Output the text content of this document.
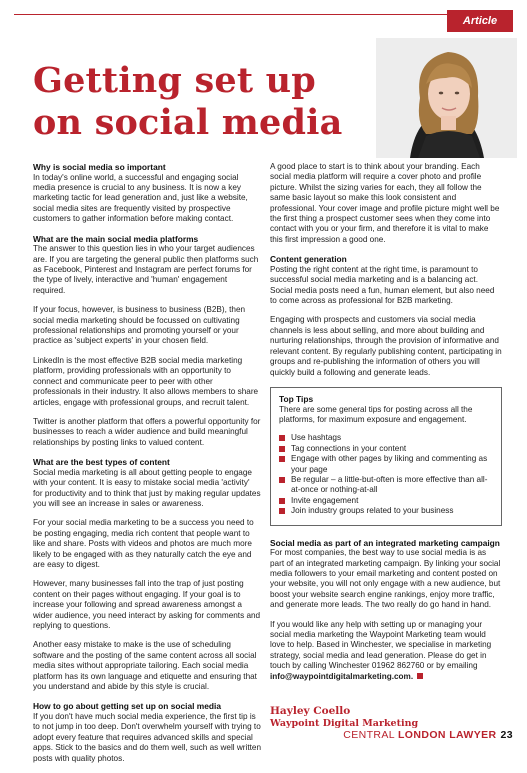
Article
Getting set up on social media
Why is social media so important

In today's online world, a successful and engaging social media presence is crucial to any business. It is now a key marketing tactic for lead generation and, just like a website, social media sites are frequently visited by prospective customers to gather information before making contact.

What are the main social media platforms

The answer to this question lies in who your target audiences are. If you are targeting the general public then platforms such as Facebook, Pinterest and Instagram are perfect forums for the type of lively, interactive and 'human' engagement required.

If your focus, however, is business to business (B2B), then social media marketing should be focussed on cultivating professional relationships and promoting yourself or your practice as 'subject experts' in your chosen field.

LinkedIn is the most effective B2B social media marketing platform, providing professionals with an opportunity to connect and communicate peer to peer with other professionals in their industry. It also allows members to share articles, engage with professional groups, and recruit talent.

Twitter is another platform that offers a powerful opportunity for businesses to reach a wider audience and build meaningful relationships by posting links to valued content.

What are the best types of content

Social media marketing is all about getting people to engage with your content. It is easy to mistake social media 'activity' for productivity and to think that just by making regular updates you will see an increase in sales or awareness.

For your social media marketing to be a success you need to be posting engaging, media rich content that people want to like and share. Posts with videos and photos are much more likely to be engaged with as they naturally catch the eye and are easy to digest.

However, many businesses fall into the trap of just posting content on their pages without engaging. If your goal is to increase your following and spread awareness amongst a wider audience, you need interact by asking for comments and replying to questions.

Another easy mistake to make is the use of scheduling software and the posting of the same content across all social media sites without appropriate tailoring. Each social media platform has its own language and etiquette and ensuring that you understand and abide by this style is crucial.

How to go about getting set up on social media

If you don't have much social media experience, the first tip is to not jump in too deep. Don't overwhelm yourself with trying to adopt every feature that requires advanced skills and special apps. Stick to the basics and do them well, such as well written posts with quality photos.

A good place to start is to think about your branding. Each social media platform will require a cover photo and profile picture. Whilst the sizing varies for each, they all follow the same basic layout so make this look consistent and professional. Your cover image and profile picture might well be the first thing a prospect customer sees when they come into contact with you or your firm, and therefore it is vital to make this first impression a good one.

Content generation

Posting the right content at the right time, is paramount to successful social media marketing and is a balancing act. Social media posts need a fun, human element, but also need to come across as professional for B2B marketing.

Engaging with prospects and customers via social media channels is less about selling, and more about building and nurturing relationships, through the provision of informative and relevant content. By regularly publishing content, participating in groups and re-publishing the information of others you will quickly build a following and generate leads.

Top Tips

There are some general tips for posting across all the platforms, for maximum exposure and engagement.

Use hashtags
Tag connections in your content
Engage with other pages by liking and commenting as your page
Be regular – a little-but-often is more effective than all-at-once or nothing-at-all
Invite engagement
Join industry groups related to your business
Social media as part of an integrated marketing campaign

For most companies, the best way to use social media is as part of an integrated marketing campaign. By linking your social media followers to your email marketing and content posted on your website, you will not only engage with a new audience, but boost your website search engine rankings, enjoy more traffic, and generate more leads. The two really do go hand in hand.

If you would like any help with setting up or managing your social media marketing the Waypoint Marketing team would love to help. Based in Winchester, we specialise in marketing strategy, social media and lead generation. Please do get in touch by calling Winchester 01962 862760 or by emailing info@waypointdigitalmarketing.com.

Hayley Coello
Waypoint Digital Marketing
CENTRAL LONDON LAWYER 23
